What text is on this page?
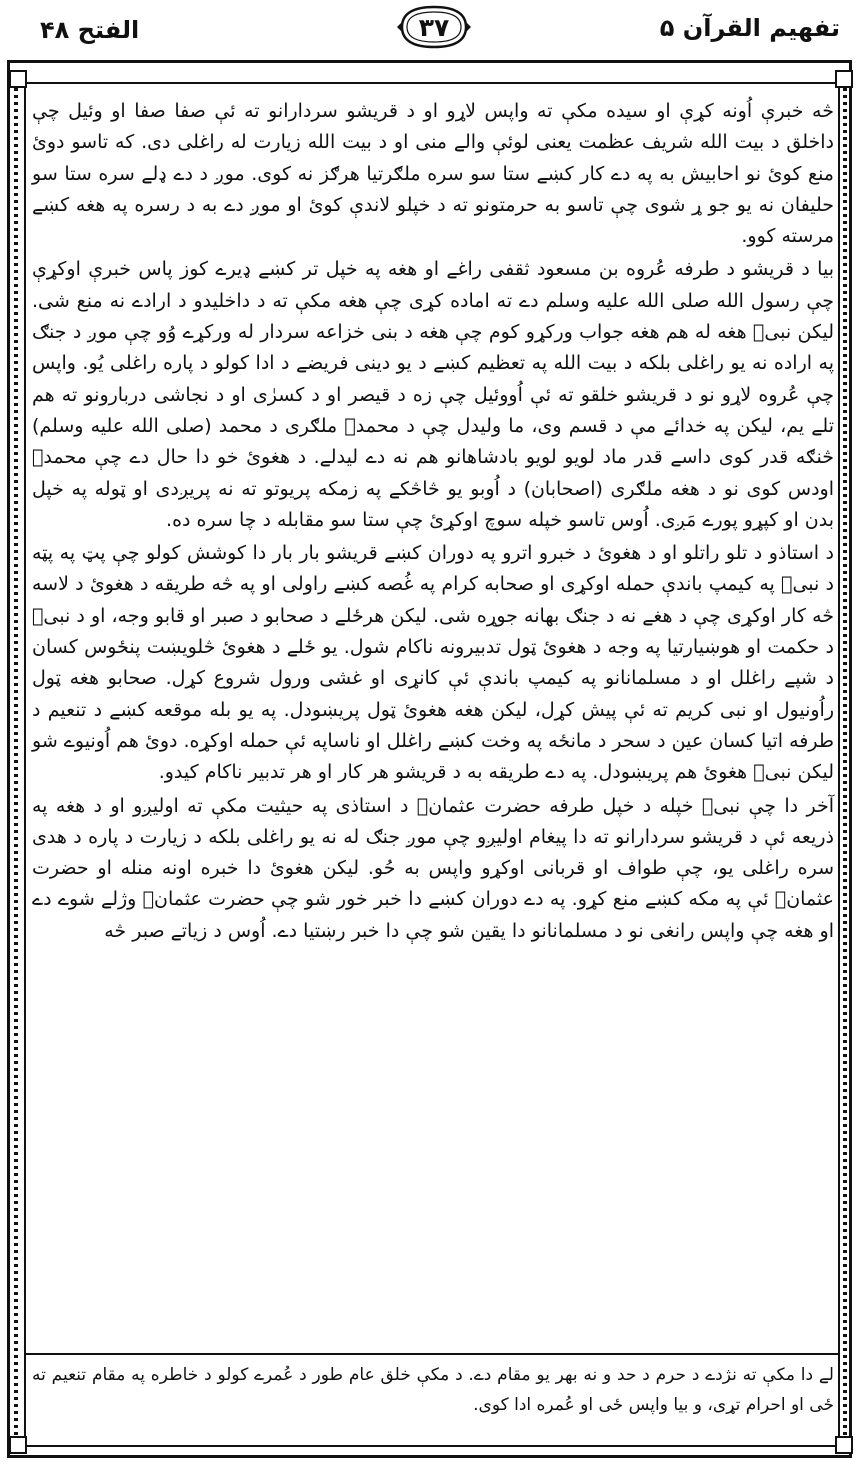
الفتح ۴۸	۳۷	تفهیم القرآن ۵

څه خبرې اُونه کړې او سیده مکې ته واپس لاړو او د قریشو سردارانو ته ئې صفا صفا او وئیل چې داخلق د بیت الله شریف عظمت یعنی لوئې والے منی او د بیت الله زیارت له راغلی دی. که تاسو دوئ منع کوئ نو احابیش به په دے کار کښے ستا سو سره ملګرتیا هرګز نه کوی. موږ د دے ډلے سره ستا سو حلیفان نه یو جو ړ شوی چې تاسو به حرمتونو ته د خپلو لاندې کوئ او موږ دے به د رسره په هغه کښے مرسته کوو.

بیا د قریشو د طرفه عُروه بن مسعود ثقفی راغے او هغه په خپل تر کښے ډیرے کوز پاس خبرې اوکړې چې رسول الله صلی الله علیه وسلم دے ته اماده کړی چې هغه مکې ته د داخلیدو د ارادے نه منع شی. لیکن نبیؐ هغه له هم هغه جواب ورکړو کوم چې هغه د بنی خزاعه سردار له ورکړے وُو چې موږ د جنګ په اراده نه یو راغلی بلکه د بیت الله په تعظیم کښے د یو دینی فریضے د ادا کولو د پاره راغلی یُو. واپس چې عُروه لاړو نو د قریشو خلقو ته ئې اُووئیل چې زه د قیصر او د کسرٰی او د نجاشی دربارونو ته هم تلے یم، لیکن په خدائے مې د قسم وی، ما ولیدل چې د محمدؐ ملګری د محمد (صلی الله علیه وسلم) څنګه قدر کوی داسے قدر ماد لویو لویو بادشاهانو هم نه دے لیدلے. د هغوئ خو دا حال دے چې محمدؐ اودس کوی نو د هغه ملګری (اصحابان) د اُوبو یو څاڅکے په زمکه پریوتو ته نه پریږدی او ټوله په خپل بدن او کپړو پورے مَږی. اُوس تاسو خپله سوچ اوکړئ چې ستا سو مقابله د چا سره ده.

د استاذو د تلو راتلو او د هغوئ د خبرو اترو په دوران کښے قریشو بار بار دا کوشش کولو چې پټ په پټه د نبیؐ په کیمپ باندې حمله اوکړی او صحابه کرام په غُصه کښے راولی او په څه طریقه د هغوئ د لاسه څه کار اوکړی چې د هغے نه د جنګ بهانه جوړه شی. لیکن هرځلے د صحابو د صبر او قابو وجه، او د نبیؐ د حکمت او هوښیارتیا په وجه د هغوئ ټول تدبیرونه ناکام شول. یو ځلے د هغوئ څلویښت پنځوس کسان د شپے راغلل او د مسلمانانو په کیمپ باندې ئې کانړی او غشی ورول شروع کړل. صحابو هغه ټول راُونیول او نبی کریم ته ئې پیش کړل، لیکن هغه هغوئ ټول پریښودل. په یو بله موقعه کښے د تنعیم د طرفه اتیا کسان عین د سحر د مانځه په وخت کښے راغلل او ناساپه ئې حمله اوکړه. دوئ هم اُونیوے شو لیکن نبیؐ هغوئ هم پریښودل. په دے طریقه به د قریشو هر کار او هر تدبیر ناکام کیدو.

آخر دا چې نبیؐ خپله د خپل طرفه حضرت عثمانؓ د استاذی په حیثیت مکې ته اولیږو او د هغه په ذریعه ئې د قریشو سردارانو ته دا پیغام اولیږو چې موږ جنګ له نه یو راغلی بلکه د زیارت د پاره د هدی سره راغلی یو، چې طواف او قربانی اوکړو واپس به حُو. لیکن هغوئ دا خبره اونه منله او حضرت عثمانؓ ئې په مکه کښے منع کړو. په دے دوران کښے دا خبر خور شو چې حضرت عثمانؓ وژلے شوے دے او هغه چې واپس رانغی نو د مسلمانانو دا یقین شو چې دا خبر رښتیا دے. اُوس د زیاتے صبر څه

لے دا مکې ته نژدے د حرم د حد و نه بهر یو مقام دے. د مکې خلق عام طور د عُمرے کولو د خاطره په مقام تنعیم ته ځی او احرام تړی، و بیا واپس ځی او عُمره ادا کوی.
